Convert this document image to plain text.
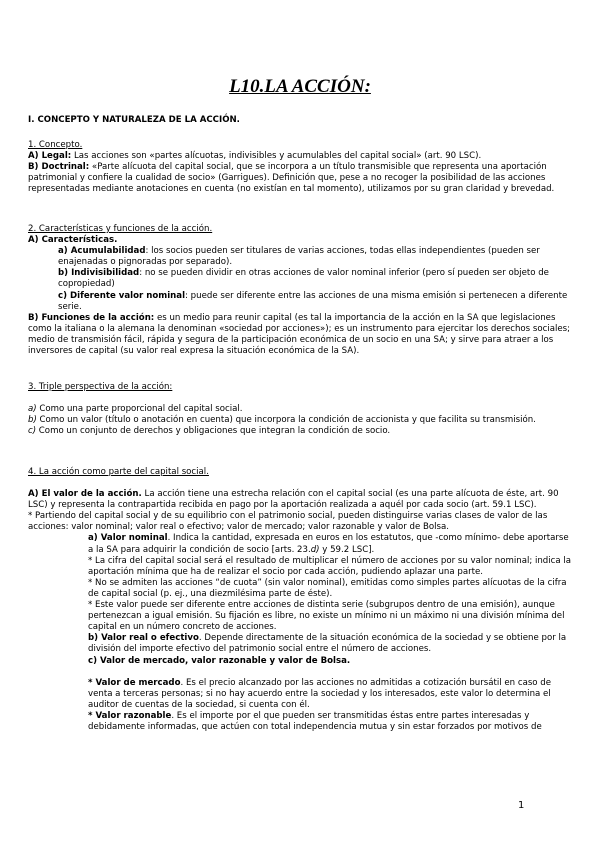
L10.LA ACCIÓN:

I. CONCEPTO Y NATURALEZA DE LA ACCIÓN.

1. Concepto.

A) Legal: Las acciones son «partes alícuotas, indivisibles y acumulables del capital social» (art. 90 LSC).

B) Doctrinal: «Parte alícuota del capital social, que se incorpora a un título transmisible que representa una aportación patrimonial y confiere la cualidad de socio» (Garrigues). Definición que, pese a no recoger la posibilidad de las acciones representadas mediante anotaciones en cuenta (no existían en tal momento), utilizamos por su gran claridad y brevedad.

2. Características y funciones de la acción.

A) Características.

a) Acumulabilidad: los socios pueden ser titulares de varias acciones, todas ellas independientes (pueden ser enajenadas o pignoradas por separado).

b) Indivisibilidad: no se pueden dividir en otras acciones de valor nominal inferior (pero sí pueden ser objeto de copropiedad)

c) Diferente valor nominal: puede ser diferente entre las acciones de una misma emisión si pertenecen a diferente serie.

B) Funciones de la acción: es un medio para reunir capital (es tal la importancia de la acción en la SA que legislaciones como la italiana o la alemana la denominan «sociedad por acciones»); es un instrumento para ejercitar los derechos sociales; medio de transmisión fácil, rápida y segura de la participación económica de un socio en una SA; y sirve para atraer a los inversores de capital (su valor real expresa la situación económica de la SA).

3. Triple perspectiva de la acción:

a) Como una parte proporcional del capital social.

b) Como un valor (título o anotación en cuenta) que incorpora la condición de accionista y que facilita su transmisión.

c) Como un conjunto de derechos y obligaciones que integran la condición de socio.

4. La acción como parte del capital social.

A) El valor de la acción. La acción tiene una estrecha relación con el capital social (es una parte alícuota de éste, art. 90 LSC) y representa la contrapartida recibida en pago por la aportación realizada a aquél por cada socio (art. 59.1 LSC).

* Partiendo del capital social y de su equilibrio con el patrimonio social, pueden distinguirse varias clases de valor de las acciones: valor nominal; valor real o efectivo; valor de mercado; valor razonable y valor de Bolsa.

a) Valor nominal. Indica la cantidad, expresada en euros en los estatutos, que -como mínimo- debe aportarse a la SA para adquirir la condición de socio [arts. 23.d) y 59.2 LSC].

* La cifra del capital social será el resultado de multiplicar el número de acciones por su valor nominal; indica la aportación mínima que ha de realizar el socio por cada acción, pudiendo aplazar una parte.

* No se admiten las acciones “de cuota” (sin valor nominal), emitidas como simples partes alícuotas de la cifra de capital social (p. ej., una diezmilésima parte de éste).

* Este valor puede ser diferente entre acciones de distinta serie (subgrupos dentro de una emisión), aunque pertenezcan a igual emisión. Su fijación es libre, no existe un mínimo ni un máximo ni una división mínima del capital en un número concreto de acciones.

b) Valor real o efectivo. Depende directamente de la situación económica de la sociedad y se obtiene por la división del importe efectivo del patrimonio social entre el número de acciones.

c) Valor de mercado, valor razonable y valor de Bolsa.

* Valor de mercado. Es el precio alcanzado por las acciones no admitidas a cotización bursátil en caso de venta a terceras personas; si no hay acuerdo entre la sociedad y los interesados, este valor lo determina el auditor de cuentas de la sociedad, si cuenta con él.

* Valor razonable. Es el importe por el que pueden ser transmitidas éstas entre partes interesadas y debidamente informadas, que actúen con total independencia mutua y sin estar forzados por motivos de

1
